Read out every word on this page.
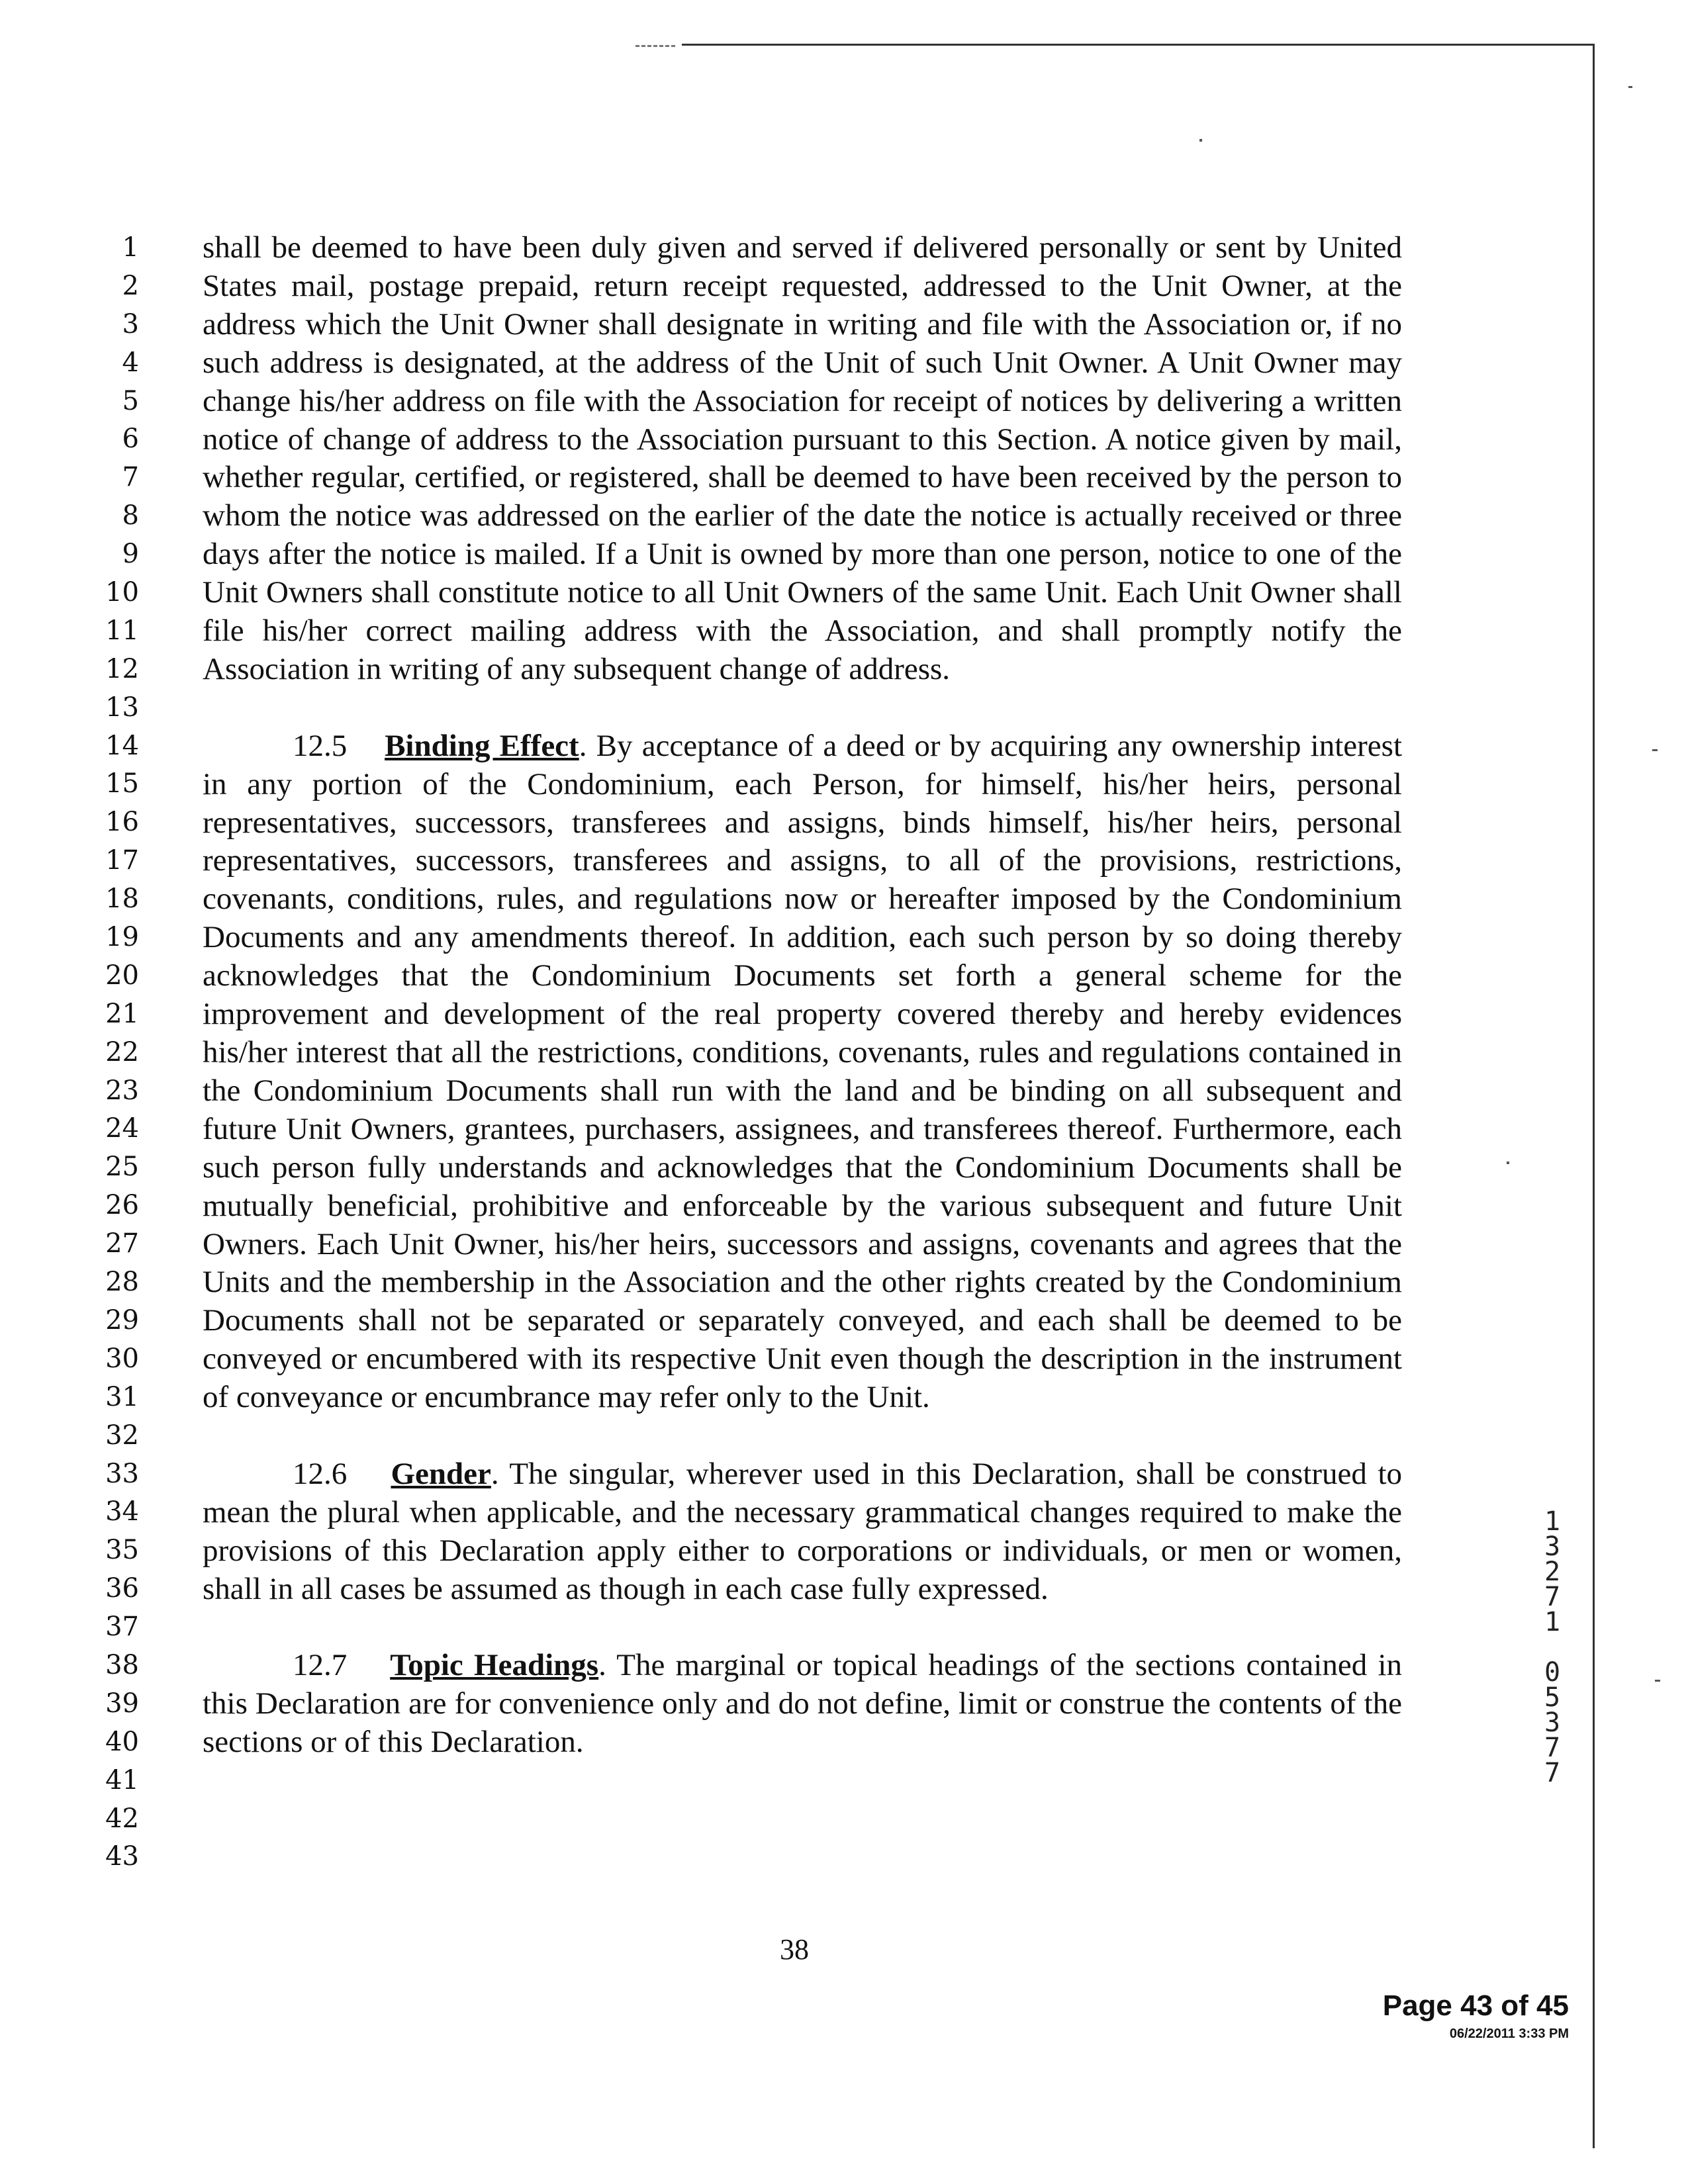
1
2
3
4
5
6
7
8
9
10
11
12
13
14
15
16
17
18
19
20
21
22
23
24
25
26
27
28
29
30
31
32
33
34
35
36
37
38
39
40
41
42
43

shall be deemed to have been duly given and served if delivered personally or sent by United States mail, postage prepaid, return receipt requested, addressed to the Unit Owner, at the address which the Unit Owner shall designate in writing and file with the Association or, if no such address is designated, at the address of the Unit of such Unit Owner. A Unit Owner may change his/her address on file with the Association for receipt of notices by delivering a written notice of change of address to the Association pursuant to this Section. A notice given by mail, whether regular, certified, or registered, shall be deemed to have been received by the person to whom the notice was addressed on the earlier of the date the notice is actually received or three days after the notice is mailed. If a Unit is owned by more than one person, notice to one of the Unit Owners shall constitute notice to all Unit Owners of the same Unit. Each Unit Owner shall file his/her correct mailing address with the Association, and shall promptly notify the Association in writing of any subsequent change of address.

12.5 Binding Effect. By acceptance of a deed or by acquiring any ownership interest in any portion of the Condominium, each Person, for himself, his/her heirs, personal representatives, successors, transferees and assigns, binds himself, his/her heirs, personal representatives, successors, transferees and assigns, to all of the provisions, restrictions, covenants, conditions, rules, and regulations now or hereafter imposed by the Condominium Documents and any amendments thereof. In addition, each such person by so doing thereby acknowledges that the Condominium Documents set forth a general scheme for the improvement and development of the real property covered thereby and hereby evidences his/her interest that all the restrictions, conditions, covenants, rules and regulations contained in the Condominium Documents shall run with the land and be binding on all subsequent and future Unit Owners, grantees, purchasers, assignees, and transferees thereof. Furthermore, each such person fully understands and acknowledges that the Condominium Documents shall be mutually beneficial, prohibitive and enforceable by the various subsequent and future Unit Owners. Each Unit Owner, his/her heirs, successors and assigns, covenants and agrees that the Units and the membership in the Association and the other rights created by the Condominium Documents shall not be separated or separately conveyed, and each shall be deemed to be conveyed or encumbered with its respective Unit even though the description in the instrument of conveyance or encumbrance may refer only to the Unit.

12.6 Gender. The singular, wherever used in this Declaration, shall be construed to mean the plural when applicable, and the necessary grammatical changes required to make the provisions of this Declaration apply either to corporations or individuals, or men or women, shall in all cases be assumed as though in each case fully expressed.

12.7 Topic Headings. The marginal or topical headings of the sections contained in this Declaration are for convenience only and do not define, limit or construe the contents of the sections or of this Declaration.

1
3
2
7
1
0
5
3
7
7
38
Page 43 of 45
06/22/2011 3:33 PM
